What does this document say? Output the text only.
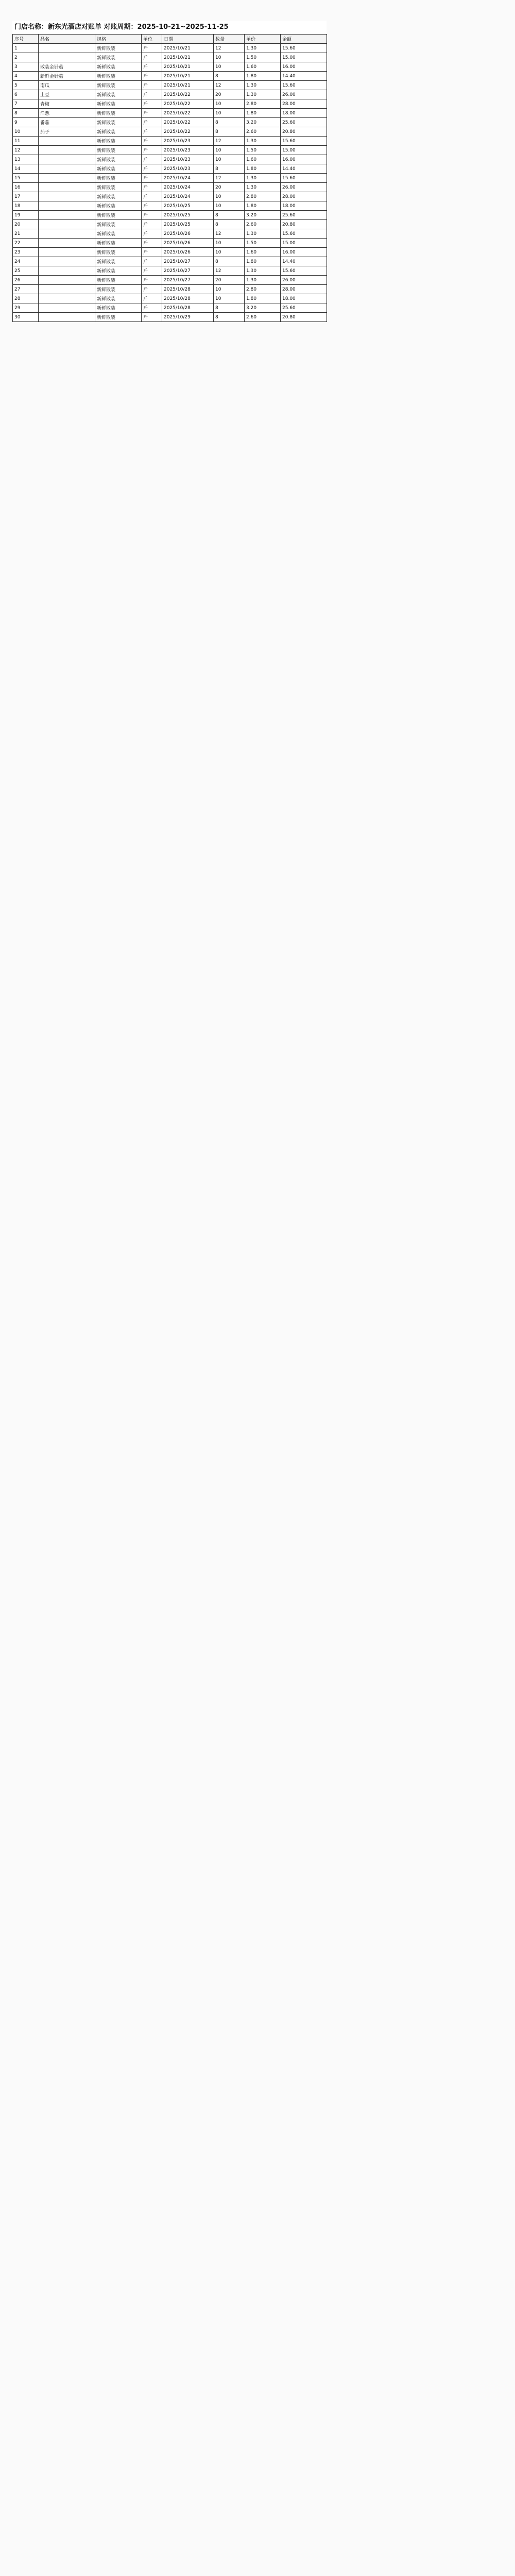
门店名称：新东光酒店对账单 对账周期：2025-10-21~2025-11-25
序号	品名	规格	单位	日期	数量	单价	金额
1		新鲜散装	斤	2025/10/21	12	1.30	15.60
2		新鲜散装	斤	2025/10/21	10	1.50	15.00
3	散装金针菇	新鲜散装	斤	2025/10/21	10	1.60	16.00
4	新鲜金针菇	新鲜散装	斤	2025/10/21	8	1.80	14.40
5	南瓜	新鲜散装	斤	2025/10/21	12	1.30	15.60
6	土豆	新鲜散装	斤	2025/10/22	20	1.30	26.00
7	青椒	新鲜散装	斤	2025/10/22	10	2.80	28.00
8	洋葱	新鲜散装	斤	2025/10/22	10	1.80	18.00
9	番茄	新鲜散装	斤	2025/10/22	8	3.20	25.60
10	茄子	新鲜散装	斤	2025/10/22	8	2.60	20.80
11		新鲜散装	斤	2025/10/23	12	1.30	15.60
12		新鲜散装	斤	2025/10/23	10	1.50	15.00
13		新鲜散装	斤	2025/10/23	10	1.60	16.00
14		新鲜散装	斤	2025/10/23	8	1.80	14.40
15		新鲜散装	斤	2025/10/24	12	1.30	15.60
16		新鲜散装	斤	2025/10/24	20	1.30	26.00
17		新鲜散装	斤	2025/10/24	10	2.80	28.00
18		新鲜散装	斤	2025/10/25	10	1.80	18.00
19		新鲜散装	斤	2025/10/25	8	3.20	25.60
20		新鲜散装	斤	2025/10/25	8	2.60	20.80
21		新鲜散装	斤	2025/10/26	12	1.30	15.60
22		新鲜散装	斤	2025/10/26	10	1.50	15.00
23		新鲜散装	斤	2025/10/26	10	1.60	16.00
24		新鲜散装	斤	2025/10/27	8	1.80	14.40
25		新鲜散装	斤	2025/10/27	12	1.30	15.60
26		新鲜散装	斤	2025/10/27	20	1.30	26.00
27		新鲜散装	斤	2025/10/28	10	2.80	28.00
28		新鲜散装	斤	2025/10/28	10	1.80	18.00
29		新鲜散装	斤	2025/10/28	8	3.20	25.60
30		新鲜散装	斤	2025/10/29	8	2.60	20.80
